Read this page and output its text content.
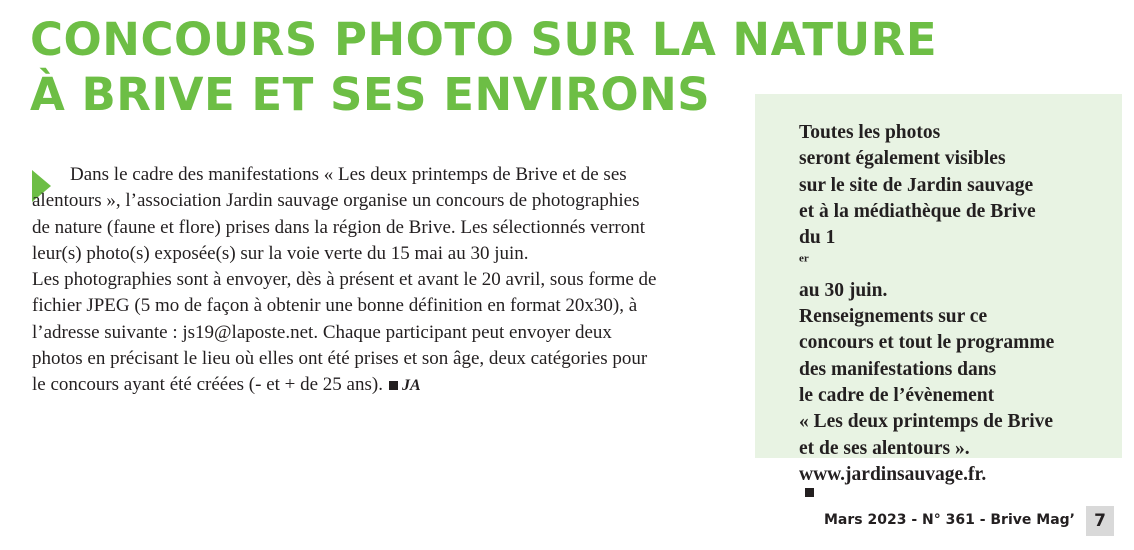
CONCOURS PHOTO SUR LA NATURE
À BRIVE ET SES ENVIRONS

Dans le cadre des manifestations « Les deux printemps de Brive et de ses alentours », l’association Jardin sauvage organise un concours de photographies de nature (faune et flore) prises dans la région de Brive. Les sélectionnés verront leur(s) photo(s) exposée(s) sur la voie verte du 15 mai au 30 juin.

Les photographies sont à envoyer, dès à présent et avant le 20 avril, sous forme de fichier JPEG (5 mo de façon à obtenir une bonne définition en format 20x30), à l’adresse suivante : js19@laposte.net. Chaque participant peut envoyer deux photos en précisant le lieu où elles ont été prises et son âge, deux catégories pour le concours ayant été créées (- et + de 25 ans). JA

Toutes les photos
seront également visibles
sur le site de Jardin sauvage
et à la médiathèque de Brive
du 1
$^{er}$
au 30 juin.
Renseignements sur ce
concours et tout le programme
des manifestations dans
le cadre de l’évènement
« Les deux printemps de Brive
et de ses alentours ».
www.jardinsauvage.fr.

Mars 2023 - N° 361 - Brive Mag’	7
